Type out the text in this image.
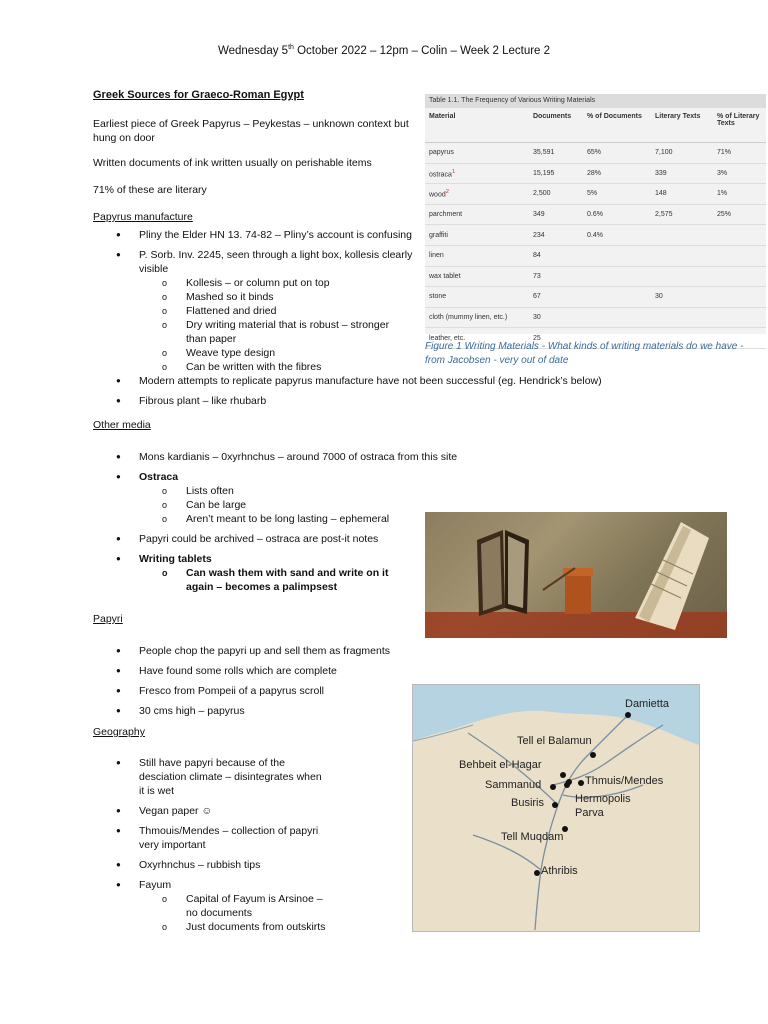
Wednesday 5th October 2022 – 12pm – Colin – Week 2 Lecture 2
Greek Sources for Graeco-Roman Egypt

Earliest piece of Greek Papyrus – Peykestas – unknown context but hung on door

Written documents of ink written usually on perishable items

71% of these are literary

Papyrus manufacture
● Pliny the Elder HN 13. 74-82 – Pliny’s account is confusing
● P. Sorb. Inv. 2245, seen through a light box, kollesis clearly visible
o Kollesis – or column put on top
o Mashed so it binds
o Flattened and dried
o Dry writing material that is robust – stronger than paper
o Weave type design
o Can be written with the fibres
● Modern attempts to replicate papyrus manufacture have not been successful (eg. Hendrick’s below)
● Fibrous plant – like rhubarb
Other media
● Mons kardianis – 0xyrhnchus – around 7000 of ostraca from this site
● Ostraca
o Lists often
o Can be large
o Aren’t meant to be long lasting – ephemeral
● Papyri could be archived – ostraca are post-it notes
● Writing tablets
o Can wash them with sand and write on it again – becomes a palimpsest
Papyri
● People chop the papyri up and sell them as fragments
● Have found some rolls which are complete
● Fresco from Pompeii of a papyrus scroll
● 30 cms high – papyrus
Geography
● Still have papyri because of the desciation climate – disintegrates when it is wet
● Vegan paper ☺
● Thmouis/Mendes – collection of papyri very important
● Oxyrhnchus – rubbish tips
● Fayum
o Capital of Fayum is Arsinoe – no documents
o Just documents from outskirts
Table 1.1. The Frequency of Various Writing Materials
Material	Documents	% of Documents	Literary Texts	% of Literary Texts
papyrus	35,591	65%	7,100	71%
ostraca$^1$	15,195	28%	339	3%
wood$^2$	2,500	5%	148	1%
parchment	349	0.6%	2,575	25%
graffiti	234	0.4%		
linen	84			
wax tablet	73			
stone	67		30	
cloth (mummy linen, etc.)	30			
leather, etc.	25			
Figure 1 Writing Materials - What kinds of writing materials do we have - from Jacobsen - very out of date
Damietta
Tell el Balamun
Behbeit el-Hagar
Sammanud	Thmuis/Mendes
Busiris	Hermopolis
Parva
Tell Muqdam
Athribis
